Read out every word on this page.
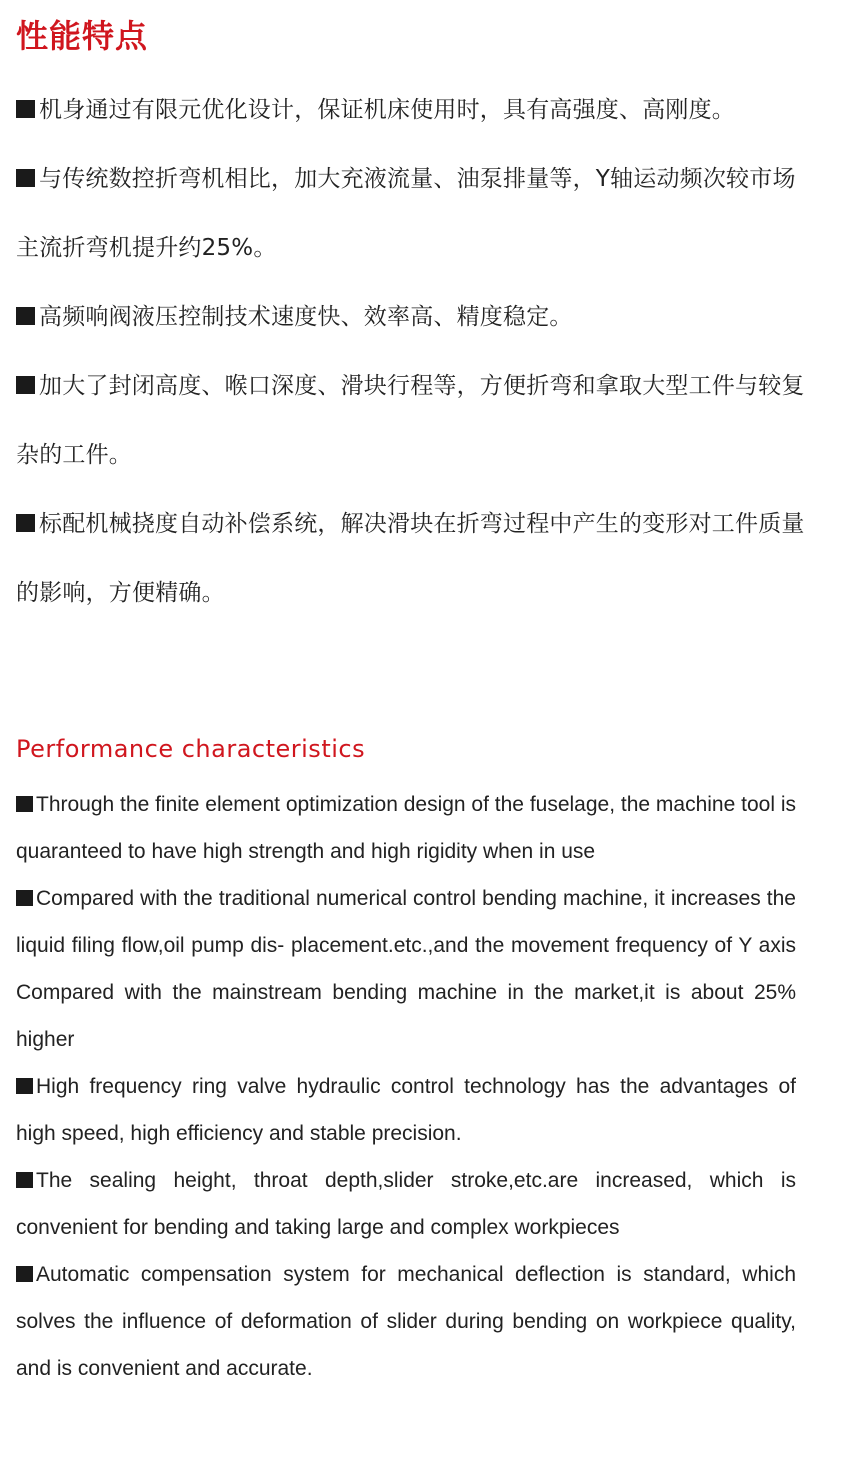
性能特点
机身通过有限元优化设计，保证机床使用时，具有高强度、高刚度。
与传统数控折弯机相比，加大充液流量、油泵排量等，Y轴运动频次较市场主流折弯机提升约25%。
高频响阀液压控制技术速度快、效率高、精度稳定。
加大了封闭高度、喉口深度、滑块行程等，方便折弯和拿取大型工件与较复杂的工件。
标配机械挠度自动补偿系统，解决滑块在折弯过程中产生的变形对工件质量的影响，方便精确。
Performance characteristics
Through the finite element optimization design of the fuselage, the machine tool is quaranteed to have high strength and high rigidity when in use
Compared with the traditional numerical control bending machine, it increases the liquid filing flow,oil pump dis- placement.etc.,and the movement frequency of Y axis Compared with the mainstream bending machine in the market,it is about 25% higher
High frequency ring valve hydraulic control technology has the advantages of high speed, high efficiency and stable precision.
The sealing height, throat depth,slider stroke,etc.are increased, which is convenient for bending and taking large and complex workpieces
Automatic compensation system for mechanical deflection is standard, which solves the influence of deformation of slider during bending on workpiece quality, and is convenient and accurate.
